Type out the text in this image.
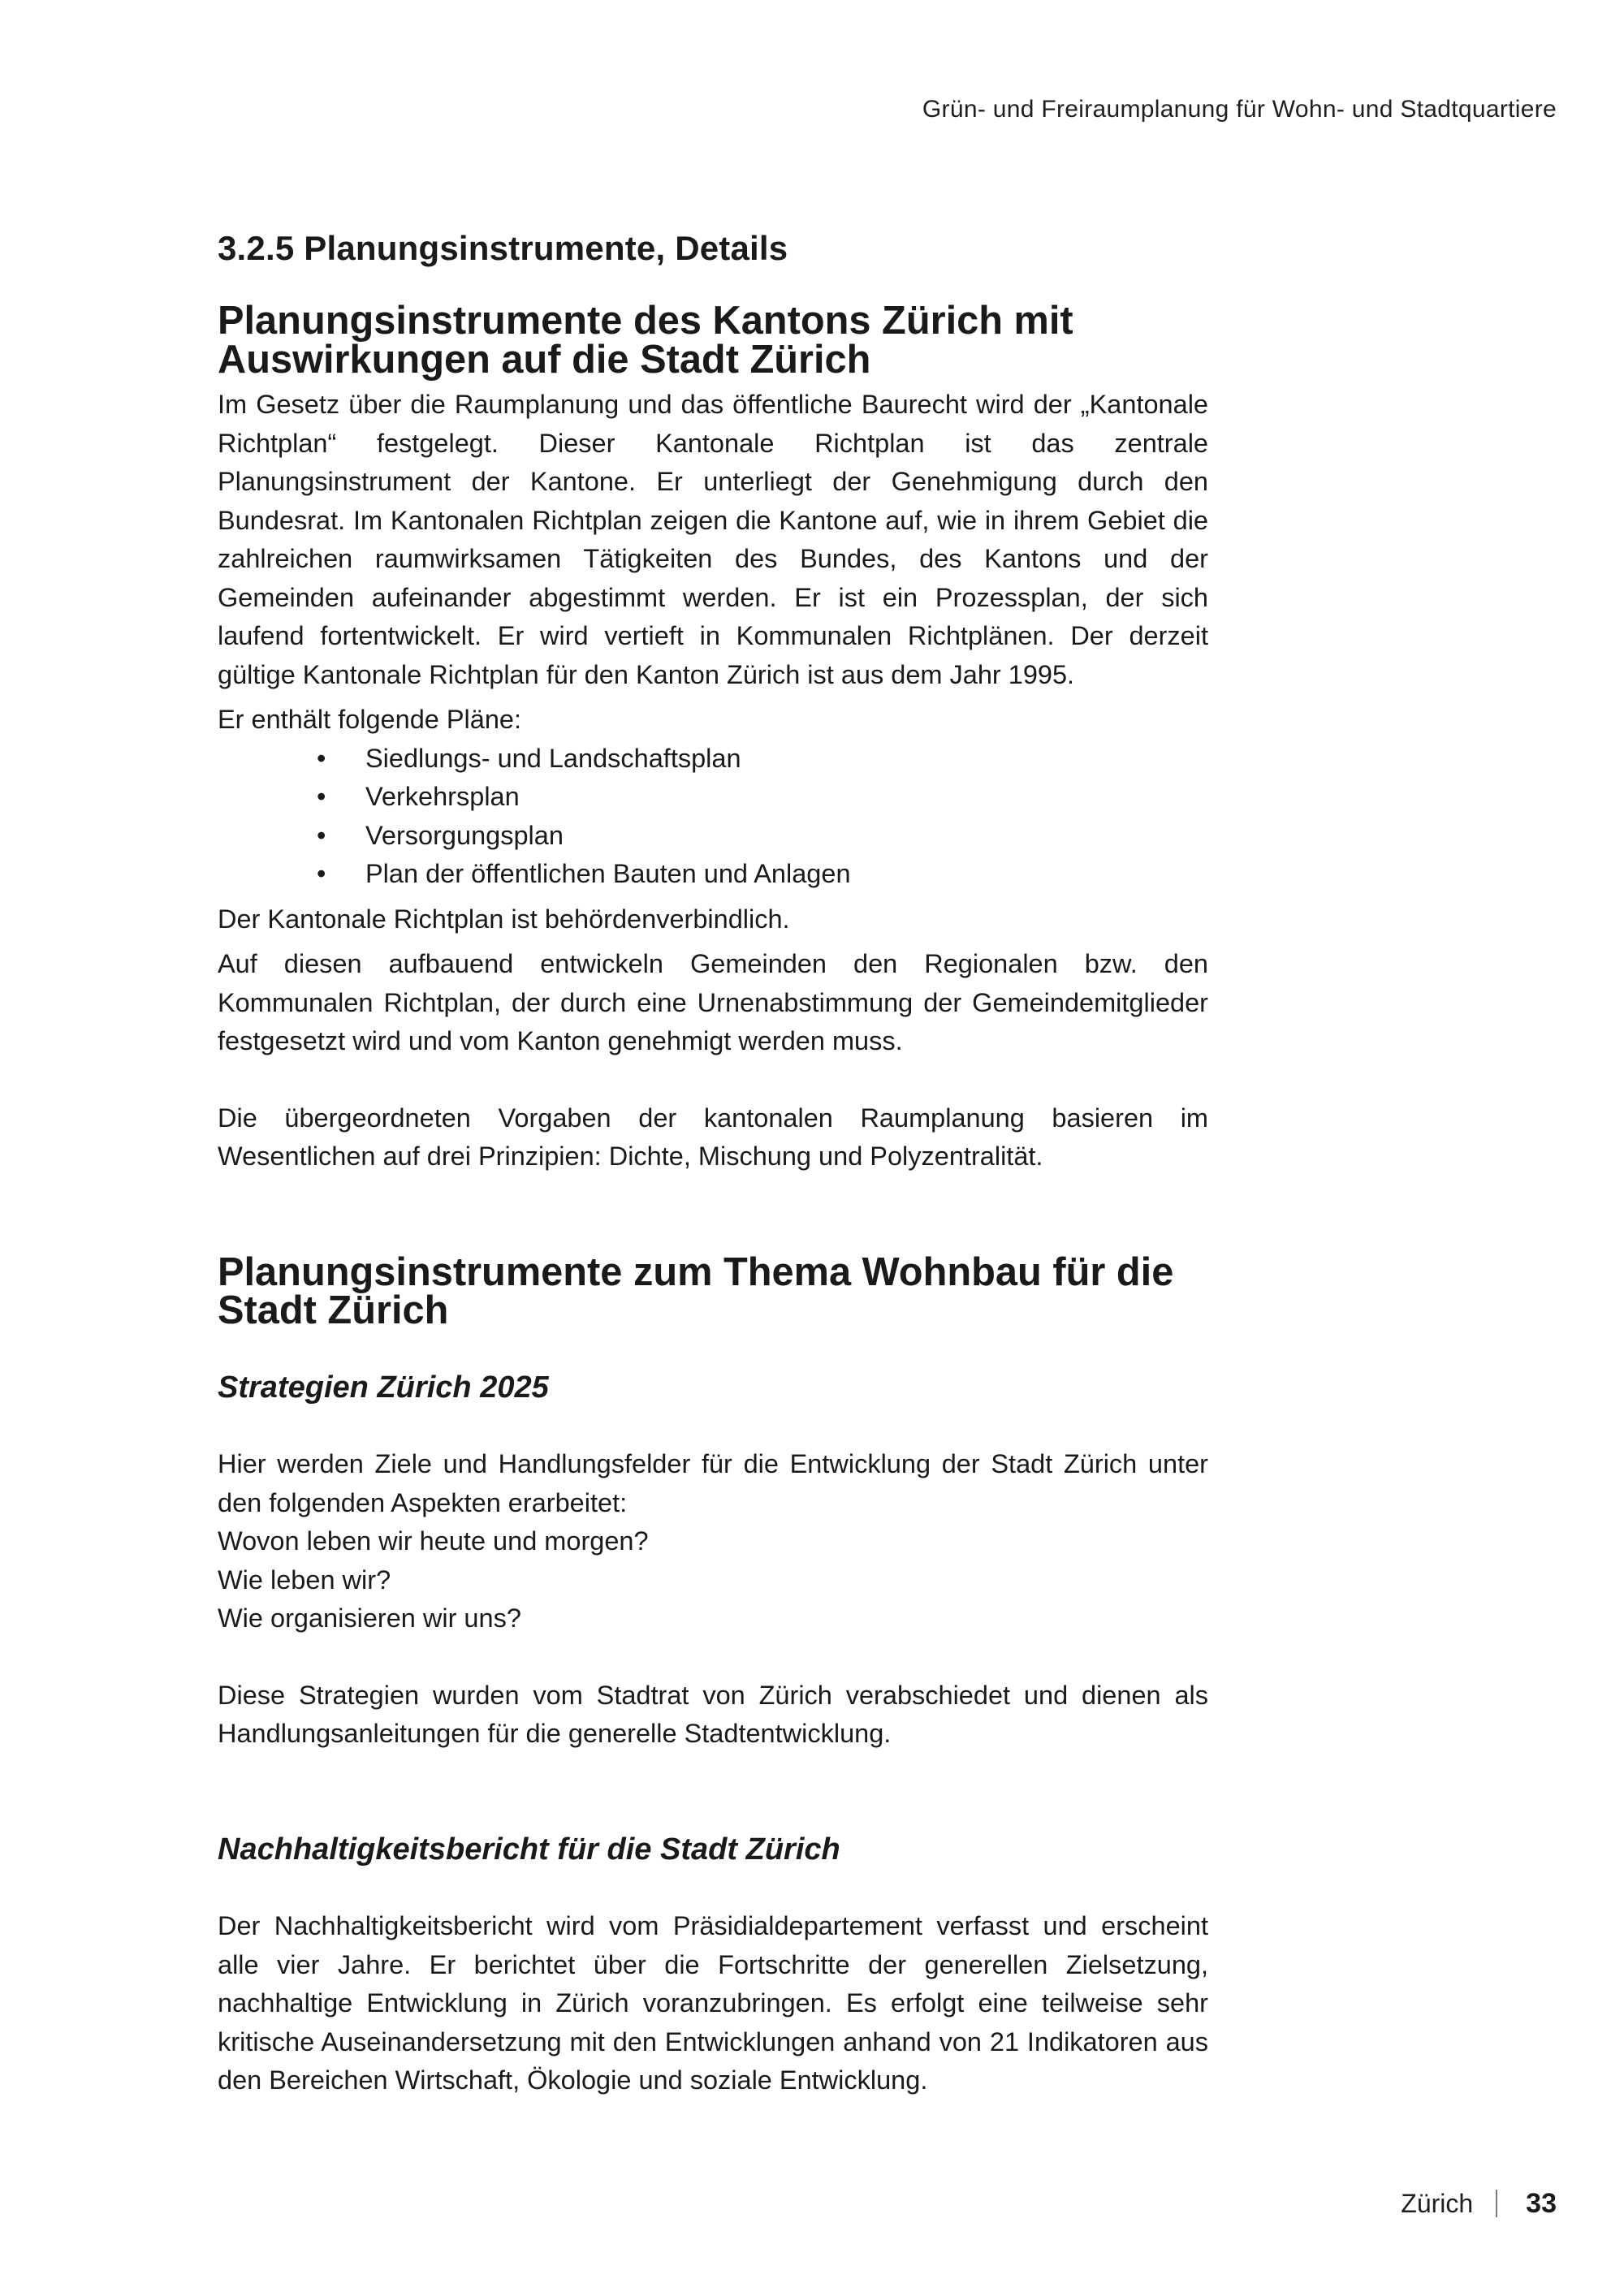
Grün- und Freiraumplanung für Wohn- und Stadtquartiere
3.2.5 Planungsinstrumente, Details
Planungsinstrumente des Kantons Zürich mit Auswirkungen auf die Stadt Zürich

Im Gesetz über die Raumplanung und das öffentliche Baurecht wird der „Kantonale Richtplan“ festgelegt. Dieser Kantonale Richtplan ist das zentrale Planungsinstrument der Kantone. Er unterliegt der Genehmigung durch den Bundesrat. Im Kantonalen Richtplan zeigen die Kantone auf, wie in ihrem Gebiet die zahlreichen raumwirksamen Tätigkeiten des Bundes, des Kantons und der Gemeinden aufeinander abgestimmt werden. Er ist ein Prozessplan, der sich laufend fortentwickelt. Er wird vertieft in Kommunalen Richtplänen. Der derzeit gültige Kantonale Richtplan für den Kanton Zürich ist aus dem Jahr 1995.

Er enthält folgende Pläne:

• Siedlungs- und Landschaftsplan
• Verkehrsplan
• Versorgungsplan
• Plan der öffentlichen Bauten und Anlagen

Der Kantonale Richtplan ist behördenverbindlich.

Auf diesen aufbauend entwickeln Gemeinden den Regionalen bzw. den Kommunalen Richtplan, der durch eine Urnenabstimmung der Gemeindemitglieder festgesetzt wird und vom Kanton genehmigt werden muss.

Die übergeordneten Vorgaben der kantonalen Raumplanung basieren im Wesentlichen auf drei Prinzipien: Dichte, Mischung und Polyzentralität.

Planungsinstrumente zum Thema Wohnbau für die Stadt Zürich
Strategien Zürich 2025

Hier werden Ziele und Handlungsfelder für die Entwicklung der Stadt Zürich unter den folgenden Aspekten erarbeitet:

Wovon leben wir heute und morgen?
Wie leben wir?
Wie organisieren wir uns?

Diese Strategien wurden vom Stadtrat von Zürich verabschiedet und dienen als Handlungsanleitungen für die generelle Stadtentwicklung.

Nachhaltigkeitsbericht für die Stadt Zürich

Der Nachhaltigkeitsbericht wird vom Präsidialdepartement verfasst und erscheint alle vier Jahre. Er berichtet über die Fortschritte der generellen Zielsetzung, nachhaltige Entwicklung in Zürich voranzubringen. Es erfolgt eine teilweise sehr kritische Auseinandersetzung mit den Entwicklungen anhand von 21 Indikatoren aus den Bereichen Wirtschaft, Ökologie und soziale Entwicklung.

Zürich 33
